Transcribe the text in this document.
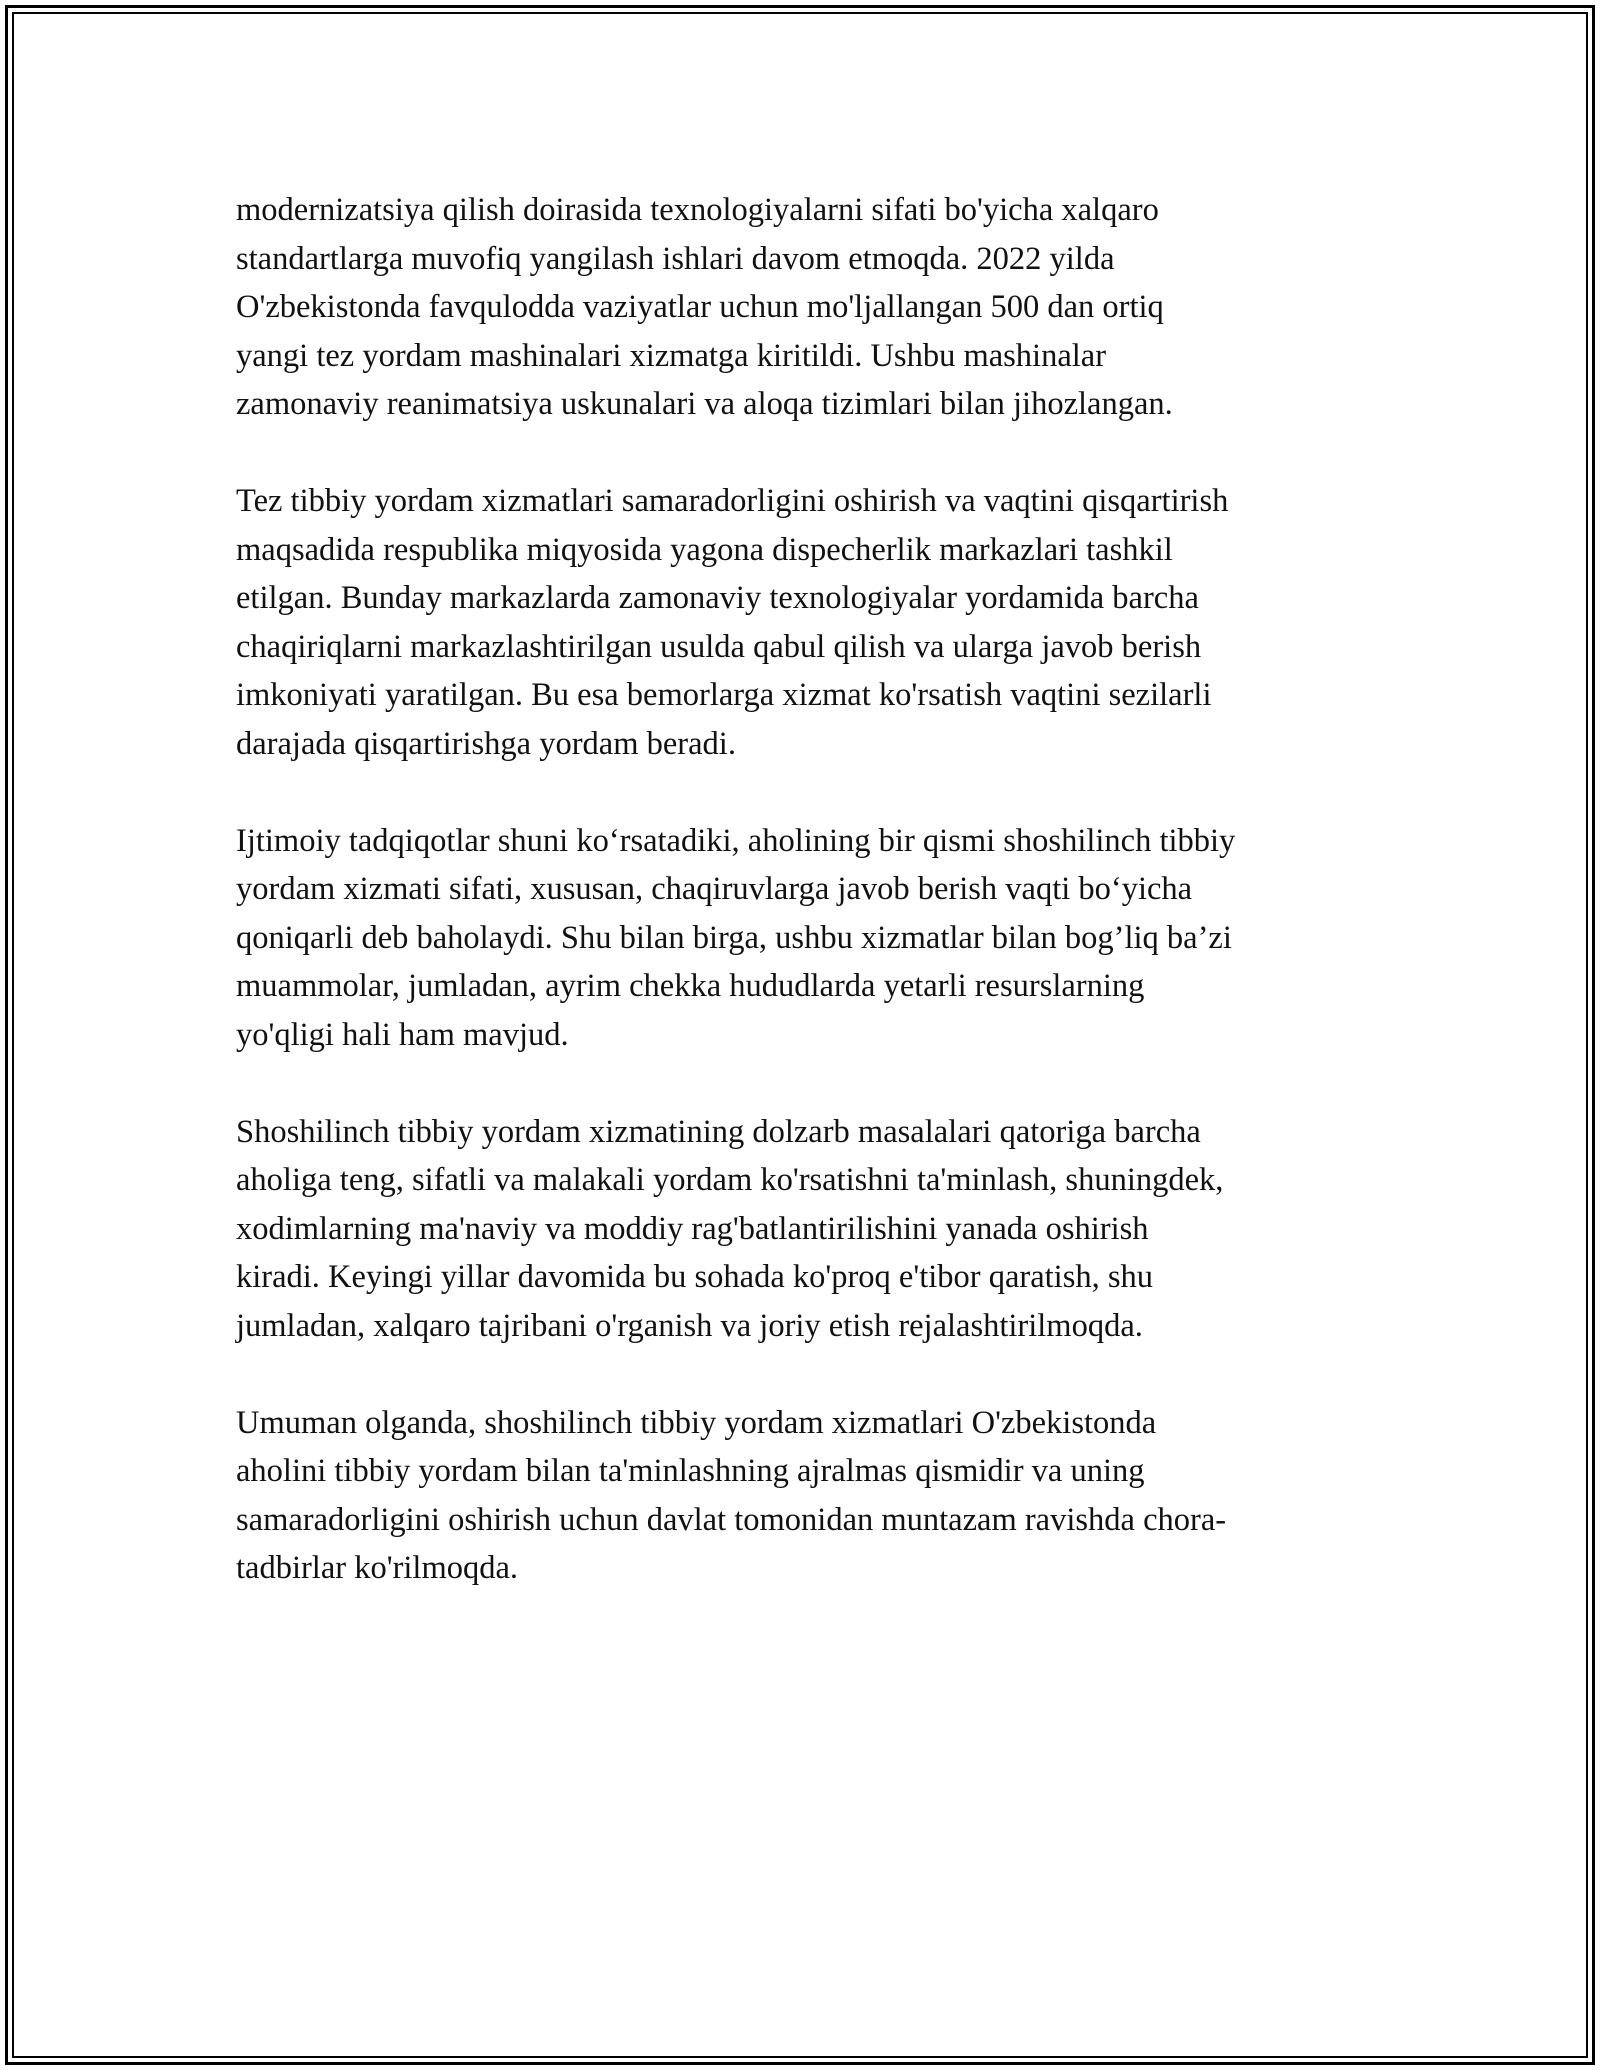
modernizatsiya qilish doirasida texnologiyalarni sifati bo'yicha xalqaro
standartlarga muvofiq yangilash ishlari davom etmoqda. 2022 yilda
O'zbekistonda favqulodda vaziyatlar uchun mo'ljallangan 500 dan ortiq
yangi tez yordam mashinalari xizmatga kiritildi. Ushbu mashinalar
zamonaviy reanimatsiya uskunalari va aloqa tizimlari bilan jihozlangan.

Tez tibbiy yordam xizmatlari samaradorligini oshirish va vaqtini qisqartirish
maqsadida respublika miqyosida yagona dispecherlik markazlari tashkil
etilgan. Bunday markazlarda zamonaviy texnologiyalar yordamida barcha
chaqiriqlarni markazlashtirilgan usulda qabul qilish va ularga javob berish
imkoniyati yaratilgan. Bu esa bemorlarga xizmat ko'rsatish vaqtini sezilarli
darajada qisqartirishga yordam beradi.

Ijtimoiy tadqiqotlar shuni ko‘rsatadiki, aholining bir qismi shoshilinch tibbiy
yordam xizmati sifati, xususan, chaqiruvlarga javob berish vaqti bo‘yicha
qoniqarli deb baholaydi. Shu bilan birga, ushbu xizmatlar bilan bog’liq ba’zi
muammolar, jumladan, ayrim chekka hududlarda yetarli resurslarning
yo'qligi hali ham mavjud.

Shoshilinch tibbiy yordam xizmatining dolzarb masalalari qatoriga barcha
aholiga teng, sifatli va malakali yordam ko'rsatishni ta'minlash, shuningdek,
xodimlarning ma'naviy va moddiy rag'batlantirilishini yanada oshirish
kiradi. Keyingi yillar davomida bu sohada ko'proq e'tibor qaratish, shu
jumladan, xalqaro tajribani o'rganish va joriy etish rejalashtirilmoqda.

Umuman olganda, shoshilinch tibbiy yordam xizmatlari O'zbekistonda
aholini tibbiy yordam bilan ta'minlashning ajralmas qismidir va uning
samaradorligini oshirish uchun davlat tomonidan muntazam ravishda chora-
tadbirlar ko'rilmoqda.
